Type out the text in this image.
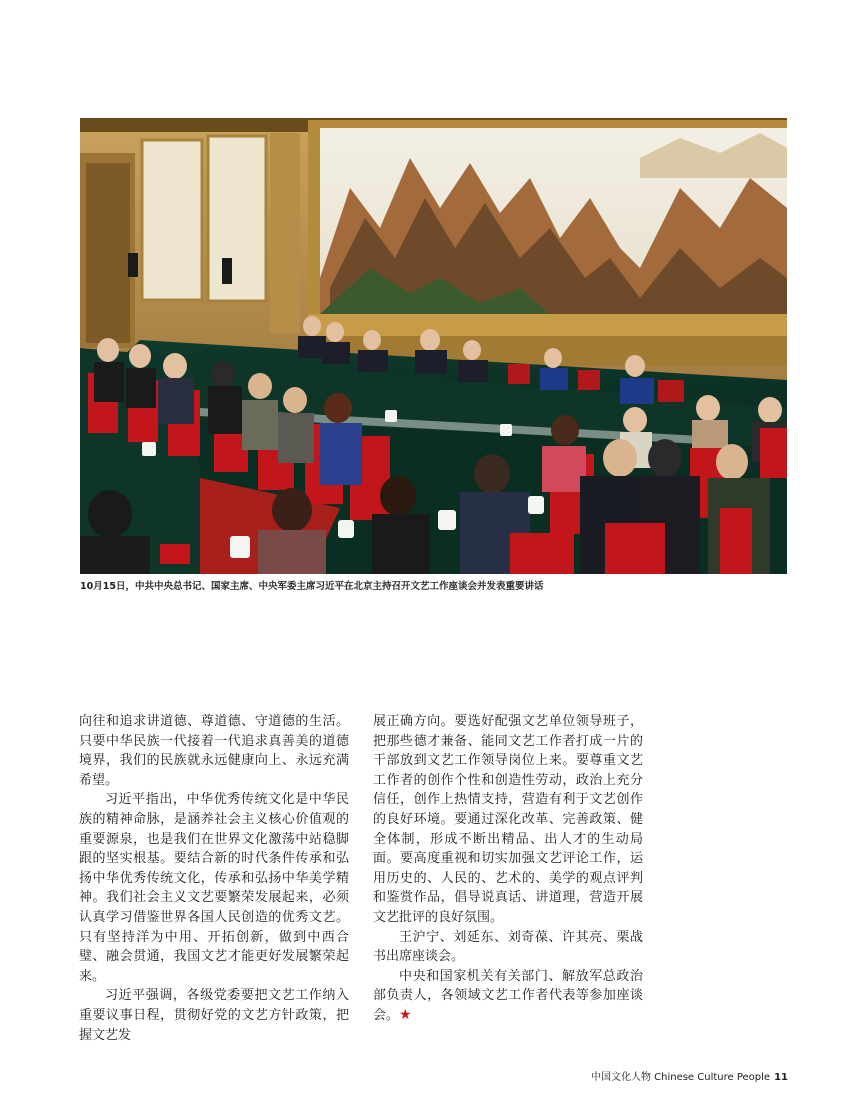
10月15日，中共中央总书记、国家主席、中央军委主席习近平在北京主持召开文艺工作座谈会并发表重要讲话

向往和追求讲道德、尊道德、守道德的生活。只要中华民族一代接着一代追求真善美的道德境界，我们的民族就永远健康向上、永远充满希望。

习近平指出，中华优秀传统文化是中华民族的精神命脉，是涵养社会主义核心价值观的重要源泉，也是我们在世界文化激荡中站稳脚跟的坚实根基。要结合新的时代条件传承和弘扬中华优秀传统文化，传承和弘扬中华美学精神。我们社会主义文艺要繁荣发展起来，必须认真学习借鉴世界各国人民创造的优秀文艺。只有坚持洋为中用、开拓创新，做到中西合璧、融会贯通，我国文艺才能更好发展繁荣起来。

习近平强调，各级党委要把文艺工作纳入重要议事日程，贯彻好党的文艺方针政策，把握文艺发

展正确方向。要选好配强文艺单位领导班子，把那些德才兼备、能同文艺工作者打成一片的干部放到文艺工作领导岗位上来。要尊重文艺工作者的创作个性和创造性劳动，政治上充分信任，创作上热情支持，营造有利于文艺创作的良好环境。要通过深化改革、完善政策、健全体制，形成不断出精品、出人才的生动局面。要高度重视和切实加强文艺评论工作，运用历史的、人民的、艺术的、美学的观点评判和鉴赏作品，倡导说真话、讲道理，营造开展文艺批评的良好氛围。

王沪宁、刘延东、刘奇葆、许其亮、栗战书出席座谈会。

中央和国家机关有关部门、解放军总政治部负责人，各领域文艺工作者代表等参加座谈会。★

中国文化人物 Chinese Culture People 11
